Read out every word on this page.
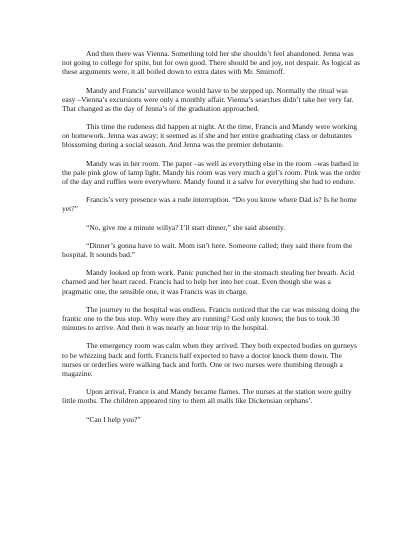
And then there was Vienna. Something told her she shouldn’t feel abandoned. Jenna was not going to college for spite, but for own good. There should be and joy, not despair. As logical as these arguments were, it all boiled down to extra dates with Mr. Smirnoff.

Mandy and Francis’ surveillance would have to be stepped up. Normally the ritual was easy –Vienna’s excursions were only a monthly affair. Vienna’s searches didn’t take her very far. That changed as the day of Jenna’s of the graduation approached.

This time the rudeness did happen at night. At the time, Francis and Mandy were working on homework. Jenna was away; it seemed as if she and her entire graduating class or debutantes blossoming during a social season. And Jenna was the premier debutante.

Mandy was in her room. The paper –as well as everything else in the room –was bathed in the pale pink glow of lamp light. Mandy his room was very much a girl’s room. Pink was the order of the day and ruffles were everywhere. Mandy found it a salve for everything she had to endure.

Francis’s very presence was a rude interruption. “Do you know where Dad is? Is he home yet?”

“No, give me a minute willya? I’ll start dinner,” she said absently.

“Dinner’s gonna have to wait. Mom isn’t here. Someone called; they said there from the hospital. It sounds bad.”

Mandy looked up from work. Panic punched her in the stomach stealing her breath. Acid charned and her heart raced. Francis had to help her into her coat. Even though she was a pragmatic one, the sensible one, it was Francis was in charge.

The journey to the hospital was endless. Francis noticed that the car was missing doing the frantic one to the bus stop. Why were they are running? God only knows; the bus to took 30 minutes to arrive. And then it was nearly an hour trip to the hospital.

The emergency room was calm when they arrived. They both expected bodies on gurneys to be whizzing back and forth. Francis half expected to have a doctor knock them down. The nurses or orderlies were walking back and forth. One or two nurses were thumbing through a magazine.

Upon arrival, France is and Mandy became flames. The nurses at the station were guilty little moths. The children appeared tiny to them all malls like Dickensian orphans’.

“Can I help you?”
